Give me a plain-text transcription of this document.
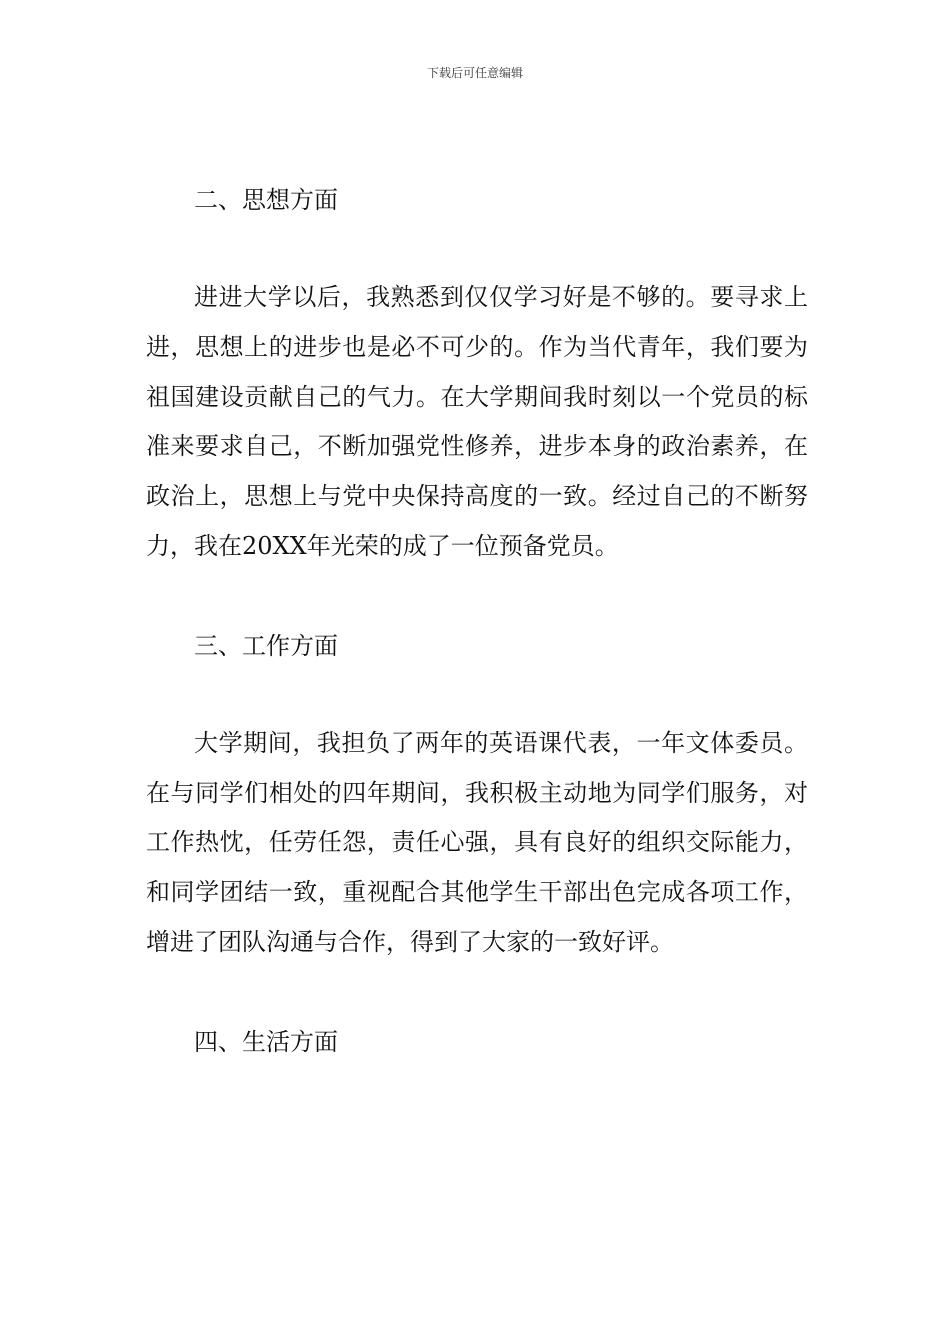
下载后可任意编辑
二、思想方面

进进大学以后，我熟悉到仅仅学习好是不够的。要寻求上进，思想上的进步也是必不可少的。作为当代青年，我们要为祖国建设贡献自己的气力。在大学期间我时刻以一个党员的标准来要求自己，不断加强党性修养，进步本身的政治素养，在政治上，思想上与党中央保持高度的一致。经过自己的不断努力，我在20XX年光荣的成了一位预备党员。

三、工作方面

大学期间，我担负了两年的英语课代表，一年文体委员。在与同学们相处的四年期间，我积极主动地为同学们服务，对工作热忱，任劳任怨，责任心强，具有良好的组织交际能力，和同学团结一致，重视配合其他学生干部出色完成各项工作，增进了团队沟通与合作，得到了大家的一致好评。

四、生活方面
